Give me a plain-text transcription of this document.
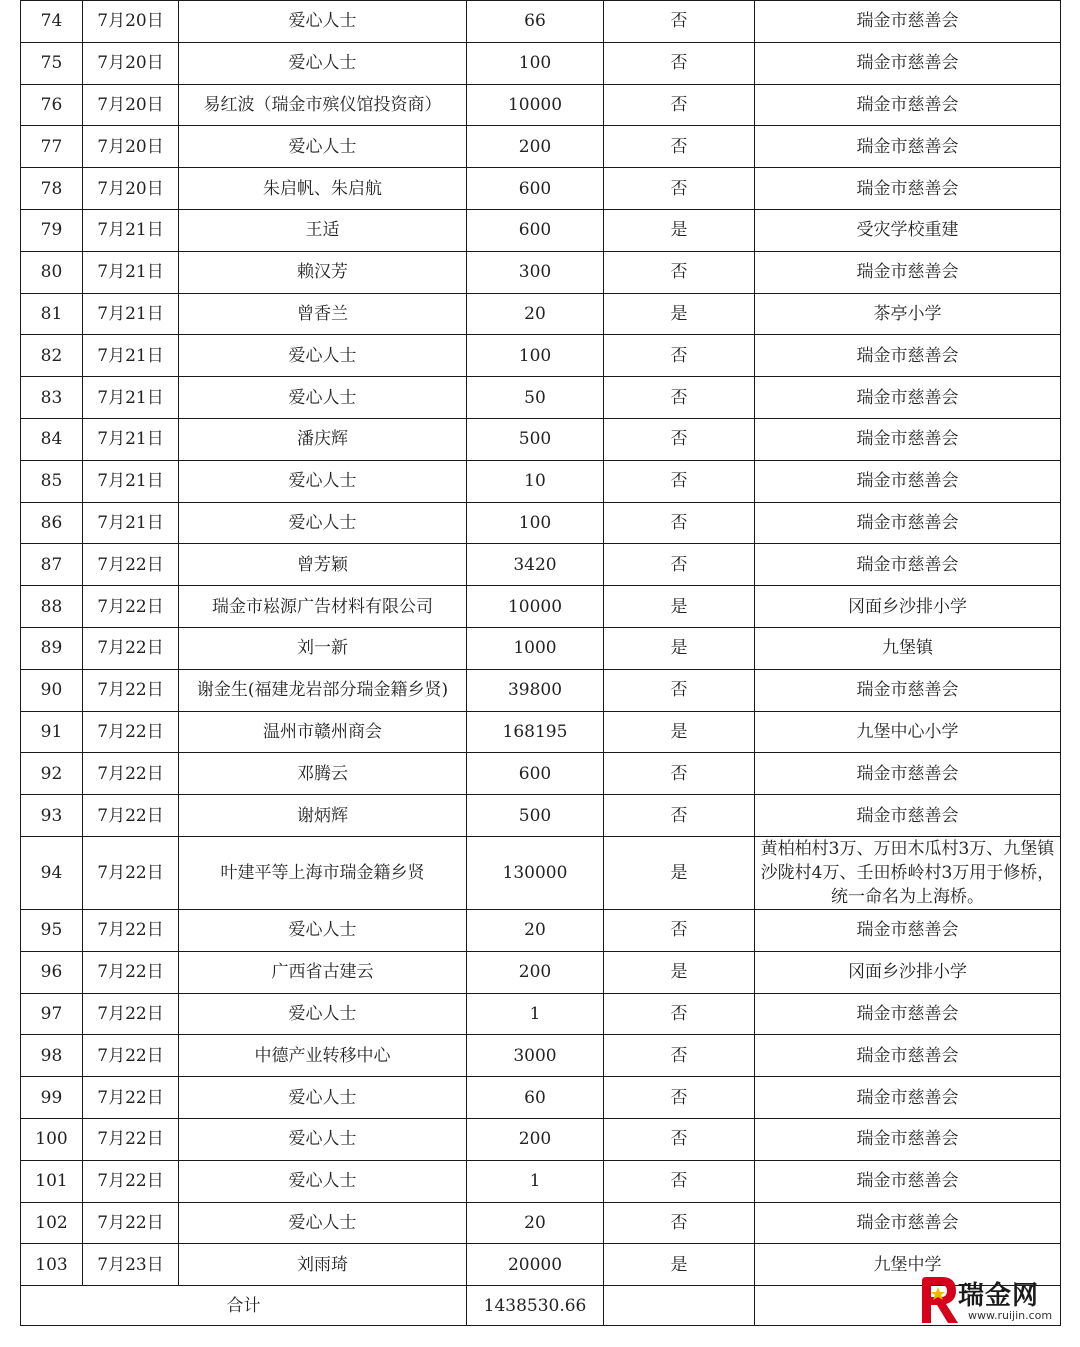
74	7月20日	爱心人士	66	否	瑞金市慈善会
75	7月20日	爱心人士	100	否	瑞金市慈善会
76	7月20日	易红波（瑞金市殡仪馆投资商）	10000	否	瑞金市慈善会
77	7月20日	爱心人士	200	否	瑞金市慈善会
78	7月20日	朱启帆、朱启航	600	否	瑞金市慈善会
79	7月21日	王适	600	是	受灾学校重建
80	7月21日	赖汉芳	300	否	瑞金市慈善会
81	7月21日	曾香兰	20	是	茶亭小学
82	7月21日	爱心人士	100	否	瑞金市慈善会
83	7月21日	爱心人士	50	否	瑞金市慈善会
84	7月21日	潘庆辉	500	否	瑞金市慈善会
85	7月21日	爱心人士	10	否	瑞金市慈善会
86	7月21日	爱心人士	100	否	瑞金市慈善会
87	7月22日	曾芳颖	3420	否	瑞金市慈善会
88	7月22日	瑞金市崧源广告材料有限公司	10000	是	冈面乡沙排小学
89	7月22日	刘一新	1000	是	九堡镇
90	7月22日	谢金生(福建龙岩部分瑞金籍乡贤)	39800	否	瑞金市慈善会
91	7月22日	温州市赣州商会	168195	是	九堡中心小学
92	7月22日	邓腾云	600	否	瑞金市慈善会
93	7月22日	谢炳辉	500	否	瑞金市慈善会
94	7月22日	叶建平等上海市瑞金籍乡贤	130000	是	黄柏柏村3万、万田木瓜村3万、九堡镇沙陇村4万、壬田桥岭村3万用于修桥，统一命名为上海桥。
95	7月22日	爱心人士	20	否	瑞金市慈善会
96	7月22日	广西省古建云	200	是	冈面乡沙排小学
97	7月22日	爱心人士	1	否	瑞金市慈善会
98	7月22日	中德产业转移中心	3000	否	瑞金市慈善会
99	7月22日	爱心人士	60	否	瑞金市慈善会
100	7月22日	爱心人士	200	否	瑞金市慈善会
101	7月22日	爱心人士	1	否	瑞金市慈善会
102	7月22日	爱心人士	20	否	瑞金市慈善会
103	7月23日	刘雨琦	20000	是	九堡中学
合计			1438530.66			瑞金网
www.ruijin.com
